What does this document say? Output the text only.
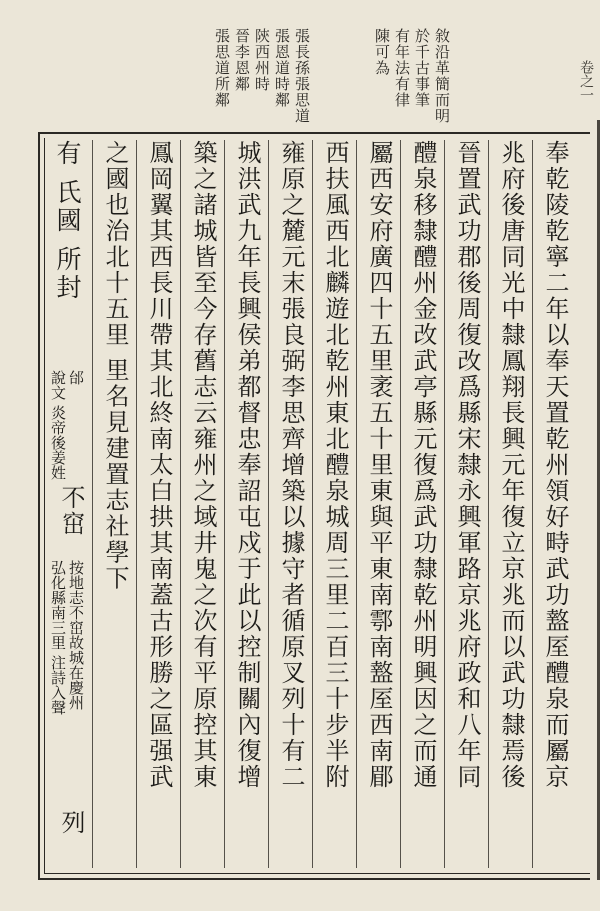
敘沿革簡而明
於千古事筆
有年法有律
陳可為
張長孫張思道
張恩道時鄰
陝西州時
晉李恩鄰
張思道所鄰	卷之一
奉乾陵乾寧二年以奉天置乾州領好畤武功盩厔醴泉而屬京
兆府後唐同光中隸鳳翔長興元年復立京兆而以武功隸焉後
晉置武功郡後周復改爲縣宋隸永興軍路京兆府政和八年同
醴泉移隸醴州金改武亭縣元復爲武功隸乾州明興因之而通
屬西安府廣四十五里袤五十里東與平東南鄠南盩厔西南郿
西扶風西北麟遊北乾州東北醴泉城周三里二百三十步半附
雍原之麓元末張良弼李思齊增築以據守者循原叉列十有二
城洪武九年長興侯弟都督忠奉詔屯戍于此以控制關內復增
築之諸城皆至今存舊志云雍州之域井鬼之次有平原控其東
鳳岡翼其西長川帶其北終南太白拱其南蓋古形勝之區强武
之國也治北十五里 里名見建置志社學下
有 氏國 所封
說文 炎帝後姜姓 邰
不窋
按地志不窋故城在慶州
弘化縣南三里 注詩入聲
列
